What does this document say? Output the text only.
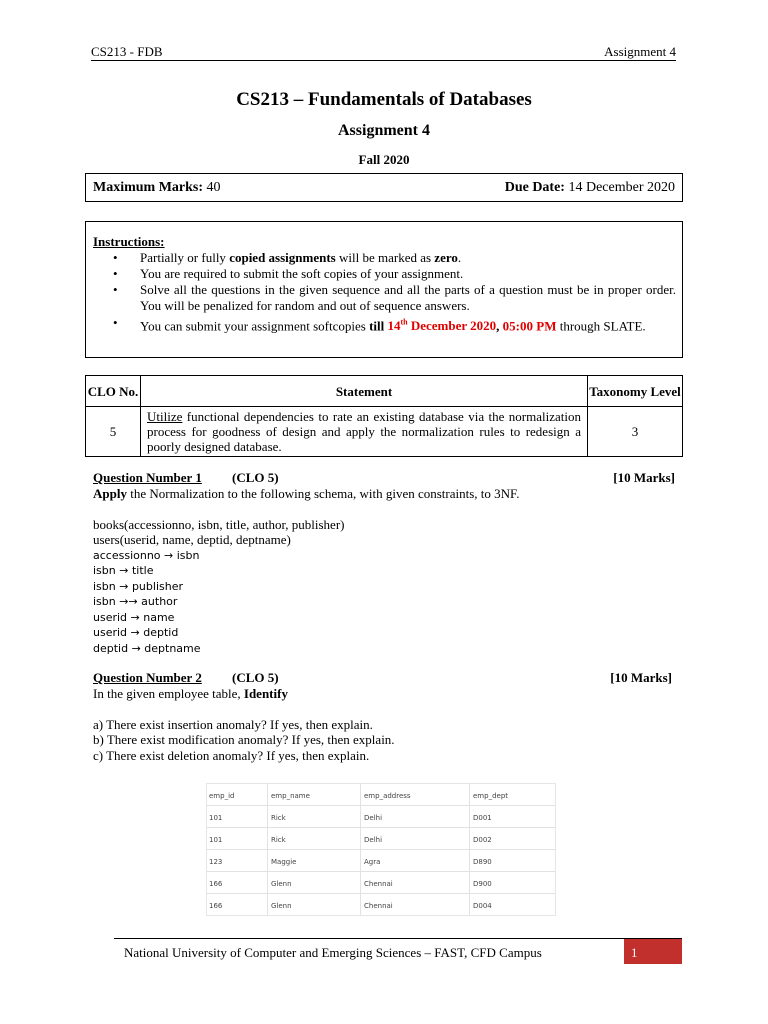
CS213 - FDB	Assignment 4
CS213 – Fundamentals of Databases
Assignment 4
Fall 2020
Maximum Marks: 40	Due Date: 14 December 2020
Instructions:
• Partially or fully copied assignments will be marked as zero.
• You are required to submit the soft copies of your assignment.
• Solve all the questions in the given sequence and all the parts of a question must be in proper order. You will be penalized for random and out of sequence answers.
• You can submit your assignment softcopies till 14th December 2020, 05:00 PM through SLATE.
CLO No.	Statement	Taxonomy Level
5	Utilize functional dependencies to rate an existing database via the normalization process for goodness of design and apply the normalization rules to redesign a poorly designed database.	3
Question Number 1 (CLO 5)	[10 Marks]
Apply the Normalization to the following schema, with given constraints, to 3NF.
books(accessionno, isbn, title, author, publisher)
users(userid, name, deptid, deptname)
accessionno → isbn
isbn → title
isbn → publisher
isbn →→ author
userid → name
userid → deptid
deptid → deptname
Question Number 2 (CLO 5)	[10 Marks]
In the given employee table, Identify
a) There exist insertion anomaly? If yes, then explain.
b) There exist modification anomaly? If yes, then explain.
c) There exist deletion anomaly? If yes, then explain.
emp_id	emp_name	emp_address	emp_dept
101	Rick	Delhi	D001
101	Rick	Delhi	D002
123	Maggie	Agra	D890
166	Glenn	Chennai	D900
166	Glenn	Chennai	D004
National University of Computer and Emerging Sciences – FAST, CFD Campus	1
